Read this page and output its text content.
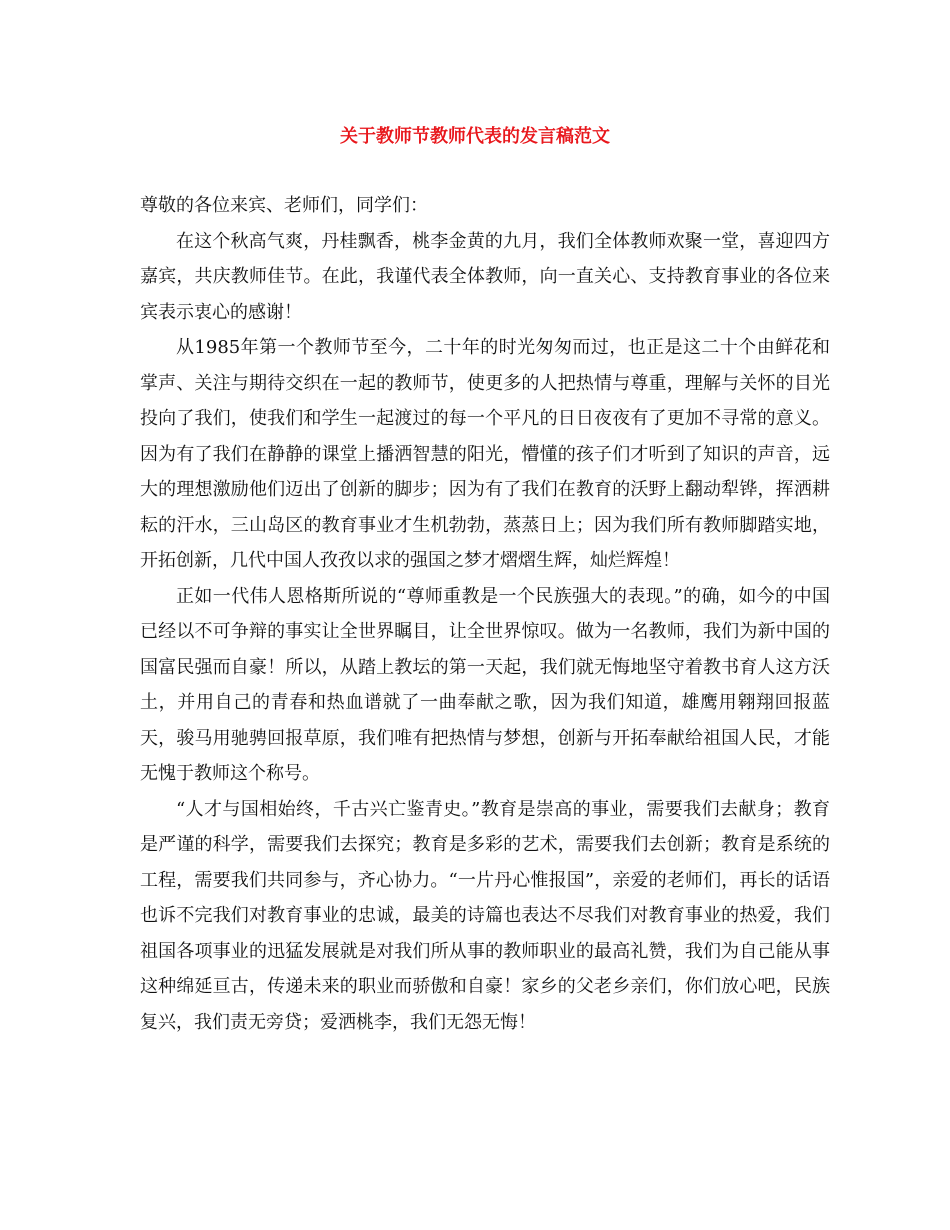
关于教师节教师代表的发言稿范文

尊敬的各位来宾、老师们，同学们：

在这个秋高气爽，丹桂飘香，桃李金黄的九月，我们全体教师欢聚一堂，喜迎四方嘉宾，共庆教师佳节。在此，我谨代表全体教师，向一直关心、支持教育事业的各位来宾表示衷心的感谢！

从1985年第一个教师节至今，二十年的时光匆匆而过，也正是这二十个由鲜花和掌声、关注与期待交织在一起的教师节，使更多的人把热情与尊重，理解与关怀的目光投向了我们，使我们和学生一起渡过的每一个平凡的日日夜夜有了更加不寻常的意义。因为有了我们在静静的课堂上播洒智慧的阳光，懵懂的孩子们才听到了知识的声音，远大的理想激励他们迈出了创新的脚步；因为有了我们在教育的沃野上翻动犁铧，挥洒耕耘的汗水，三山岛区的教育事业才生机勃勃，蒸蒸日上；因为我们所有教师脚踏实地，开拓创新，几代中国人孜孜以求的强国之梦才熠熠生辉，灿烂辉煌！

正如一代伟人恩格斯所说的“尊师重教是一个民族强大的表现。”的确，如今的中国已经以不可争辩的事实让全世界瞩目，让全世界惊叹。做为一名教师，我们为新中国的国富民强而自豪！所以，从踏上教坛的第一天起，我们就无悔地坚守着教书育人这方沃土，并用自己的青春和热血谱就了一曲奉献之歌，因为我们知道，雄鹰用翱翔回报蓝天，骏马用驰骋回报草原，我们唯有把热情与梦想，创新与开拓奉献给祖国人民，才能无愧于教师这个称号。

“人才与国相始终，千古兴亡鉴青史。”教育是崇高的事业，需要我们去献身；教育是严谨的科学，需要我们去探究；教育是多彩的艺术，需要我们去创新；教育是系统的工程，需要我们共同参与，齐心协力。“一片丹心惟报国”，亲爱的老师们，再长的话语也诉不完我们对教育事业的忠诚，最美的诗篇也表达不尽我们对教育事业的热爱，我们祖国各项事业的迅猛发展就是对我们所从事的教师职业的最高礼赞，我们为自己能从事这种绵延亘古，传递未来的职业而骄傲和自豪！家乡的父老乡亲们，你们放心吧，民族复兴，我们责无旁贷；爱洒桃李，我们无怨无悔！
